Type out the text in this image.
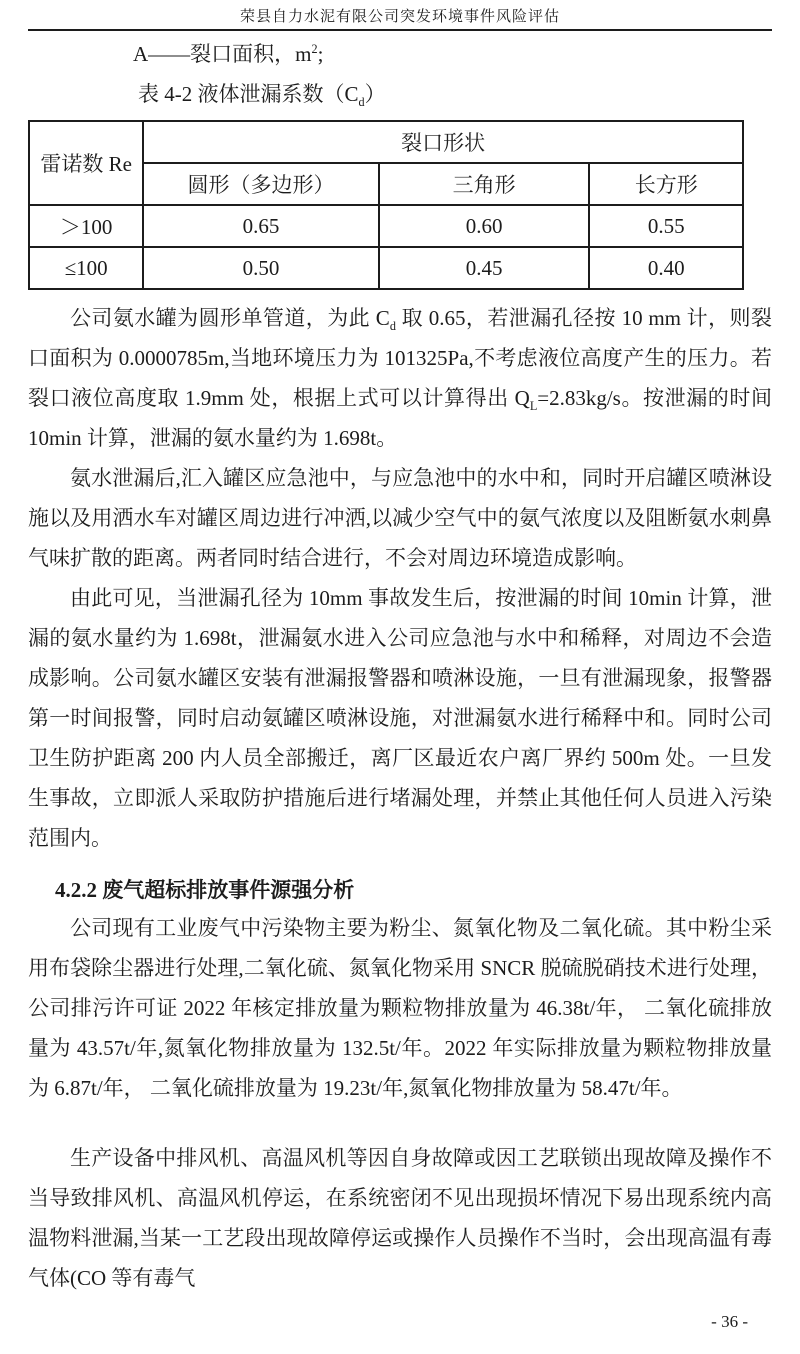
荣县自力水泥有限公司突发环境事件风险评估

A——裂口面积，$m^2$;

表 4-2 液体泄漏系数$(C_d)$

雷诺数 Re	裂口形状		
	圆形（多边形）	三角形	长方形
＞100	0.65	0.60	0.55
≤100	0.50	0.45	0.40

公司氨水罐为圆形单管道，为此 $C_d$ 取 0.65，若泄漏孔径按 10 mm 计，则裂口面积为 0.0000785m,当地环境压力为 101325Pa,不考虑液位高度产生的压力。若裂口液位高度取 1.9mm 处，根据上式可以计算得出 $Q_L=2.83kg/s$。按泄漏的时间 10min 计算，泄漏的氨水量约为 1.698t。

氨水泄漏后,汇入罐区应急池中，与应急池中的水中和，同时开启罐区喷淋设施以及用洒水车对罐区周边进行冲洒,以减少空气中的氨气浓度以及阻断氨水刺鼻气味扩散的距离。两者同时结合进行，不会对周边环境造成影响。

由此可见，当泄漏孔径为 10mm 事故发生后，按泄漏的时间 10min 计算，泄漏的氨水量约为 1.698t，泄漏氨水进入公司应急池与水中和稀释，对周边不会造成影响。公司氨水罐区安装有泄漏报警器和喷淋设施，一旦有泄漏现象，报警器第一时间报警，同时启动氨罐区喷淋设施，对泄漏氨水进行稀释中和。同时公司卫生防护距离 200 内人员全部搬迁，离厂区最近农户离厂界约 500m 处。一旦发生事故，立即派人采取防护措施后进行堵漏处理，并禁止其他任何人员进入污染范围内。

4.2.2 废气超标排放事件源强分析

公司现有工业废气中污染物主要为粉尘、氮氧化物及二氧化硫。其中粉尘采用布袋除尘器进行处理,二氧化硫、氮氧化物采用 SNCR 脱硫脱硝技术进行处理，公司排污许可证 2022 年核定排放量为颗粒物排放量为 46.38t/年， 二氧化硫排放量为 43.57t/年,氮氧化物排放量为 132.5t/年。2022 年实际排放量为颗粒物排放量为 6.87t/年， 二氧化硫排放量为 19.23t/年,氮氧化物排放量为 58.47t/年。

生产设备中排风机、高温风机等因自身故障或因工艺联锁出现故障及操作不当导致排风机、高温风机停运，在系统密闭不见出现损坏情况下易出现系统内高温物料泄漏,当某一工艺段出现故障停运或操作人员操作不当时，会出现高温有毒气体(CO 等有毒气

- 36 -
